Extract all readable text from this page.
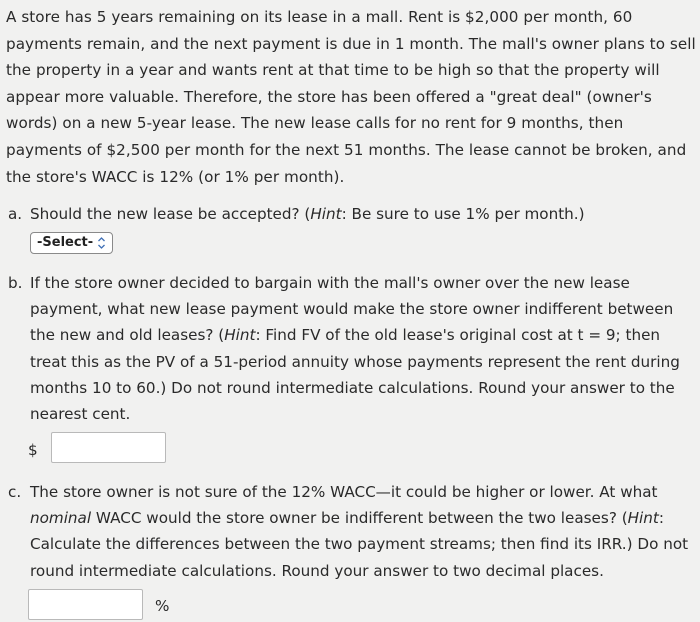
A store has 5 years remaining on its lease in a mall. Rent is $2,000 per month, 60 payments remain, and the next payment is due in 1 month. The mall's owner plans to sell the property in a year and wants rent at that time to be high so that the property will appear more valuable. Therefore, the store has been offered a "great deal" (owner's words) on a new 5-year lease. The new lease calls for no rent for 9 months, then payments of $2,500 per month for the next 51 months. The lease cannot be broken, and the store's WACC is 12% (or 1% per month).
a. Should the new lease be accepted? (Hint: Be sure to use 1% per month.)
-Select-
b. If the store owner decided to bargain with the mall's owner over the new lease payment, what new lease payment would make the store owner indifferent between the new and old leases? (Hint: Find FV of the old lease's original cost at t = 9; then treat this as the PV of a 51-period annuity whose payments represent the rent during months 10 to 60.) Do not round intermediate calculations. Round your answer to the nearest cent.
$
c. The store owner is not sure of the 12% WACC—it could be higher or lower. At what nominal WACC would the store owner be indifferent between the two leases? (Hint: Calculate the differences between the two payment streams; then find its IRR.) Do not round intermediate calculations. Round your answer to two decimal places.
%
